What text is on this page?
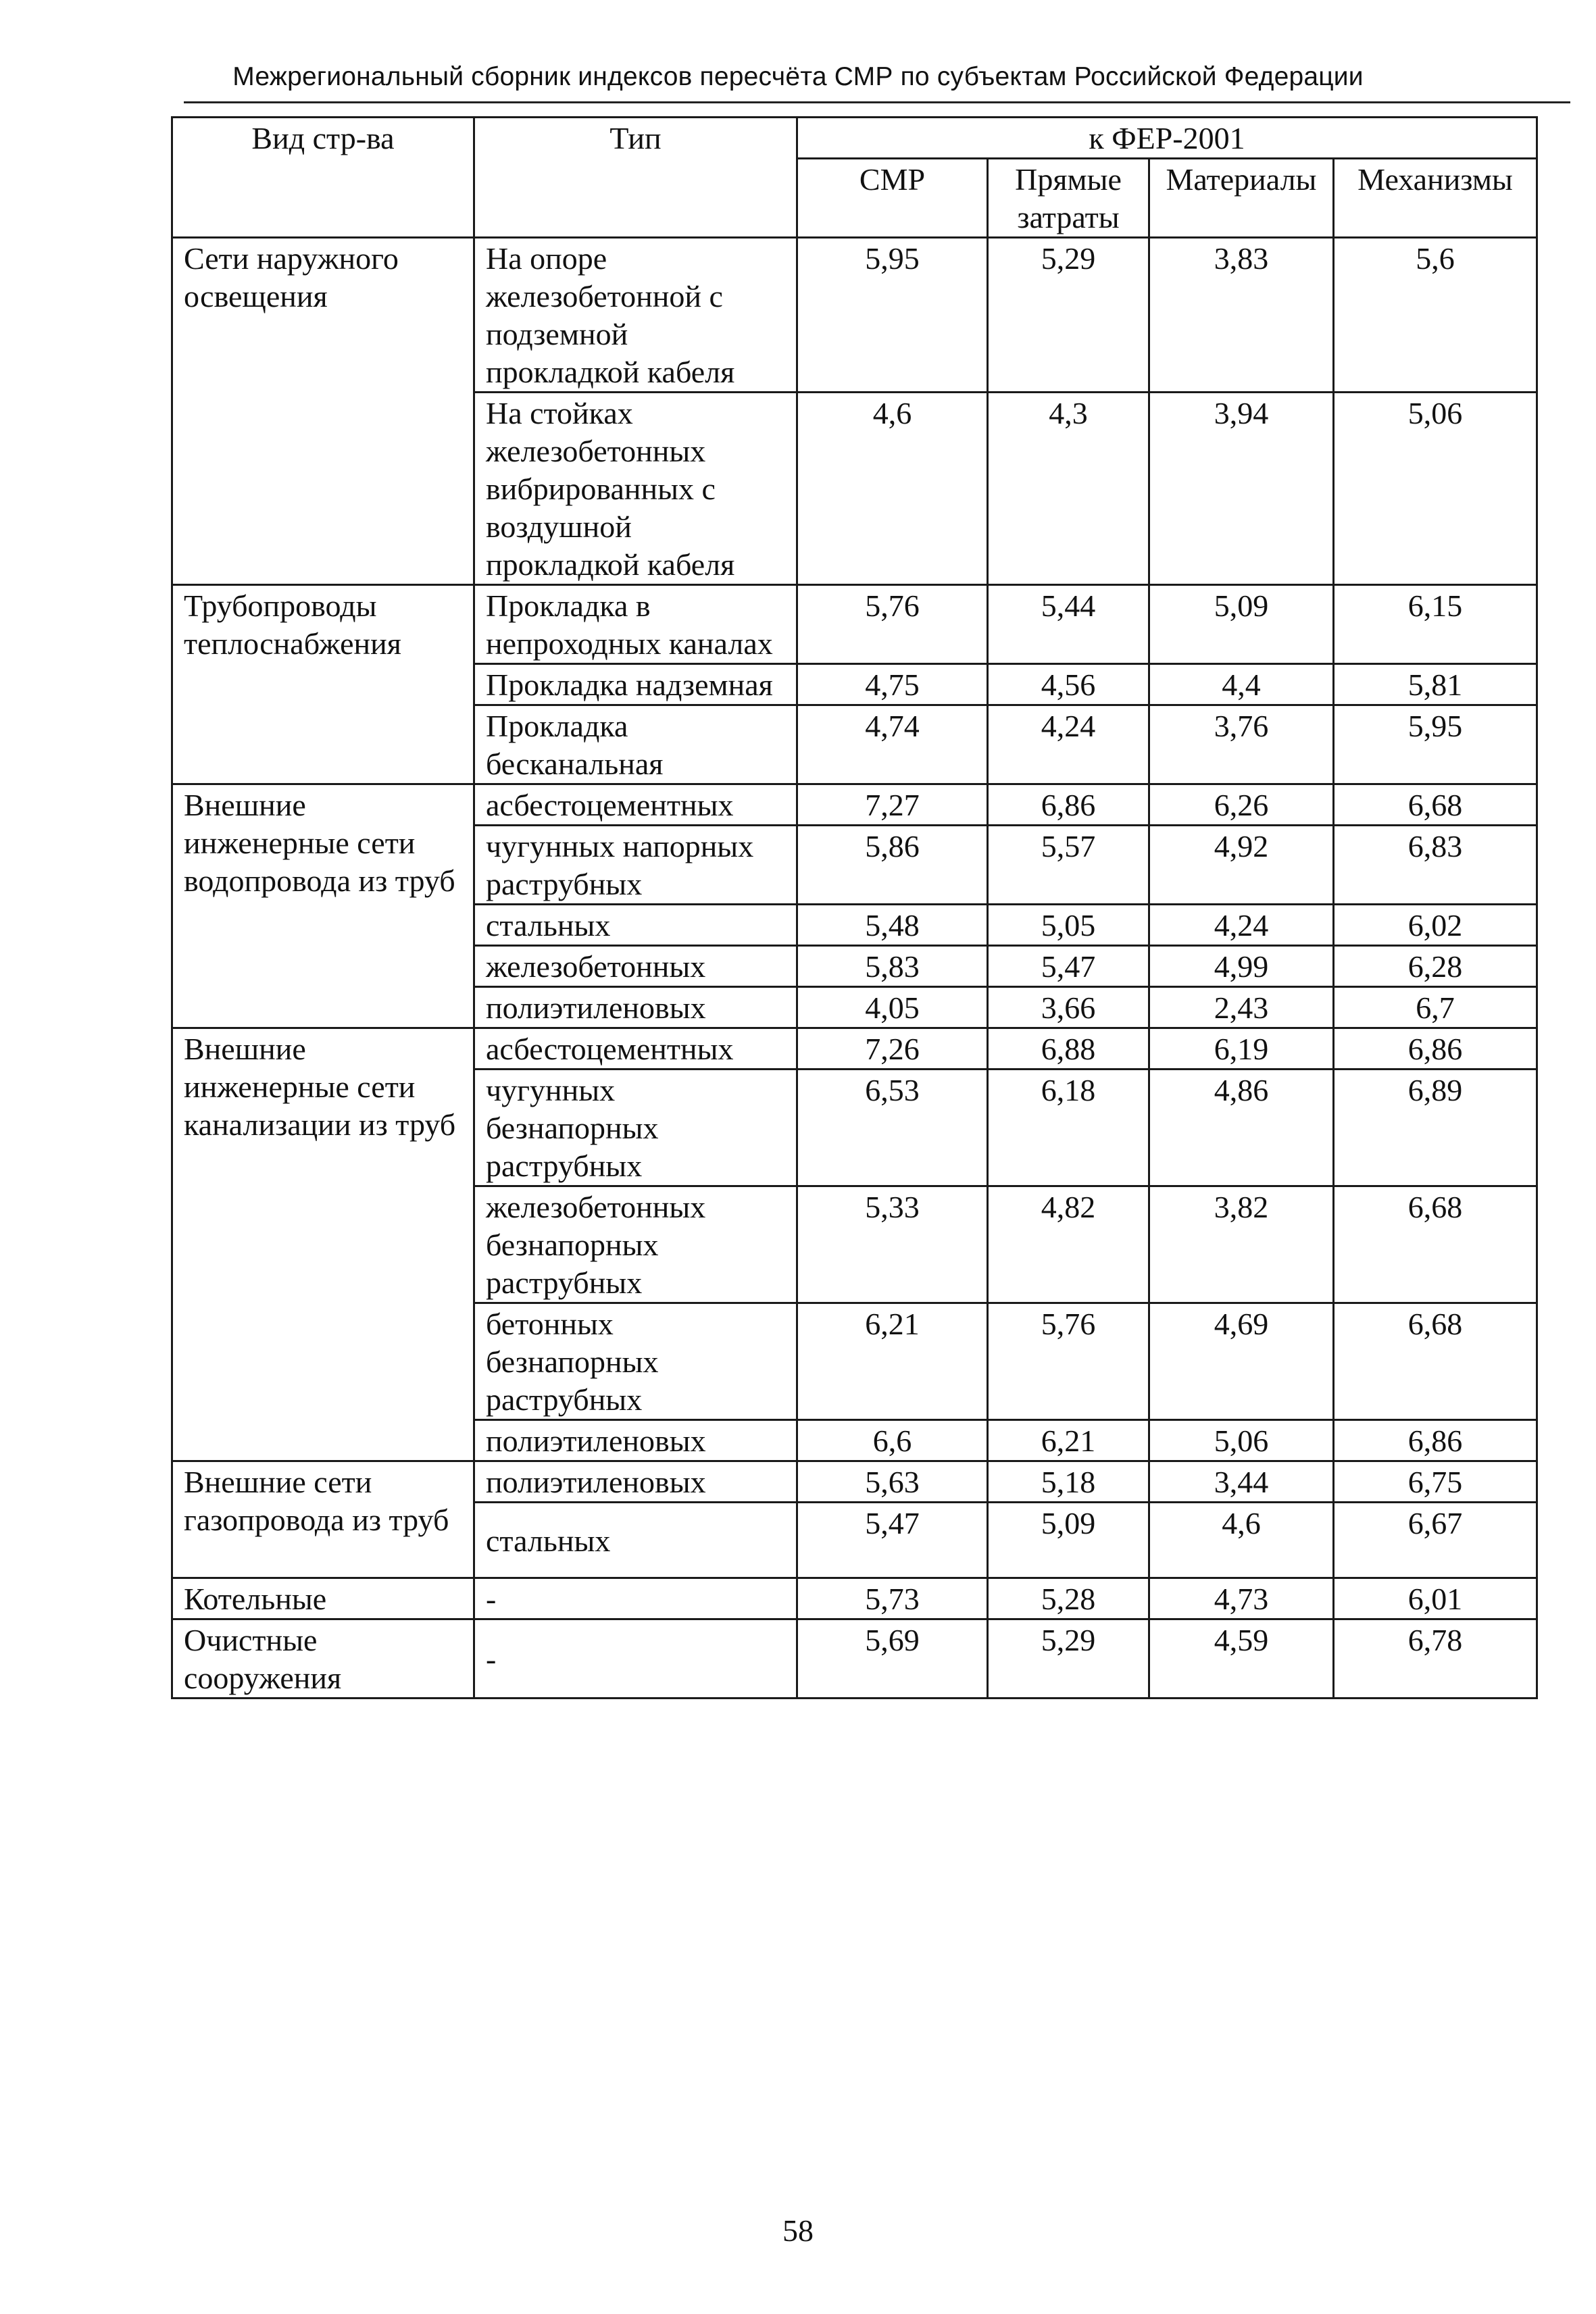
Межрегиональный сборник индексов пересчёта СМР по субъектам Российской Федерации
Вид стр-ва	Тип	к ФЕР-2001			
		СМР	Прямые затраты	Материалы	Механизмы
Сети наружного освещения	На опоре железобетонной с подземной прокладкой кабеля	5,95	5,29	3,83	5,6
	На стойках железобетонных вибрированных с воздушной прокладкой кабеля	4,6	4,3	3,94	5,06
Трубопроводы теплоснабжения	Прокладка в непроходных каналах	5,76	5,44	5,09	6,15
	Прокладка надземная	4,75	4,56	4,4	5,81
	Прокладка бесканальная	4,74	4,24	3,76	5,95
Внешние инженерные сети водопровода из труб	асбестоцементных	7,27	6,86	6,26	6,68
	чугунных напорных раструбных	5,86	5,57	4,92	6,83
	стальных	5,48	5,05	4,24	6,02
	железобетонных	5,83	5,47	4,99	6,28
	полиэтиленовых	4,05	3,66	2,43	6,7
Внешние инженерные сети канализации из труб	асбестоцементных	7,26	6,88	6,19	6,86
	чугунных безнапорных раструбных	6,53	6,18	4,86	6,89
	железобетонных безнапорных раструбных	5,33	4,82	3,82	6,68
	бетонных безнапорных раструбных	6,21	5,76	4,69	6,68
	полиэтиленовых	6,6	6,21	5,06	6,86
Внешние сети газопровода из труб	полиэтиленовых	5,63	5,18	3,44	6,75
	стальных	5,47	5,09	4,6	6,67
Котельные	-	5,73	5,28	4,73	6,01
Очистные сооружения	-	5,69	5,29	4,59	6,78
58
